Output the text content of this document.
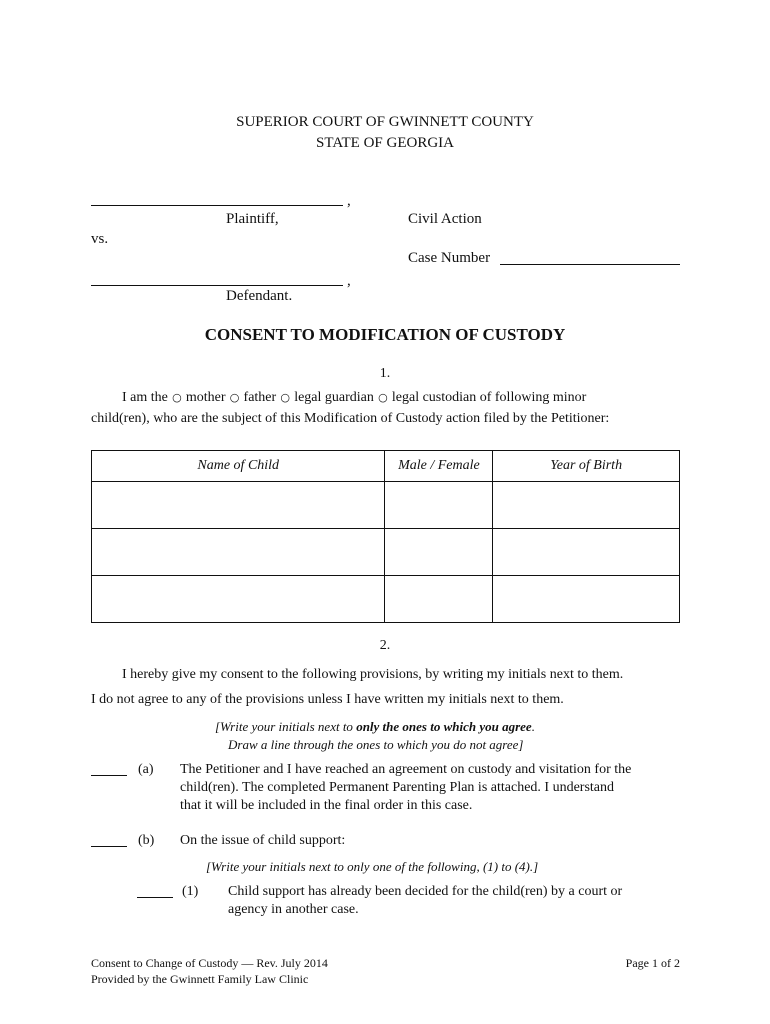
SUPERIOR COURT OF GWINNETT COUNTY
STATE OF GEORGIA
,
Plaintiff,	Civil Action
vs.
Case Number
,
Defendant.
CONSENT TO MODIFICATION OF CUSTODY
1.
I am the ○ mother ○ father ○ legal guardian ○ legal custodian of following minor
child(ren), who are the subject of this Modification of Custody action filed by the Petitioner:
Name of Child	Male / Female	Year of Birth

2.
I hereby give my consent to the following provisions, by writing my initials next to them.
I do not agree to any of the provisions unless I have written my initials next to them.
[Write your initials next to only the ones to which you agree.
Draw a line through the ones to which you do not agree]
(a) The Petitioner and I have reached an agreement on custody and visitation for the
child(ren). The completed Permanent Parenting Plan is attached. I understand
that it will be included in the final order in this case.
(b) On the issue of child support:
[Write your initials next to only one of the following, (1) to (4).]
(1) Child support has already been decided for the child(ren) by a court or
agency in another case.
Consent to Change of Custody — Rev. July 2014
Provided by the Gwinnett Family Law Clinic
Page 1 of 2
